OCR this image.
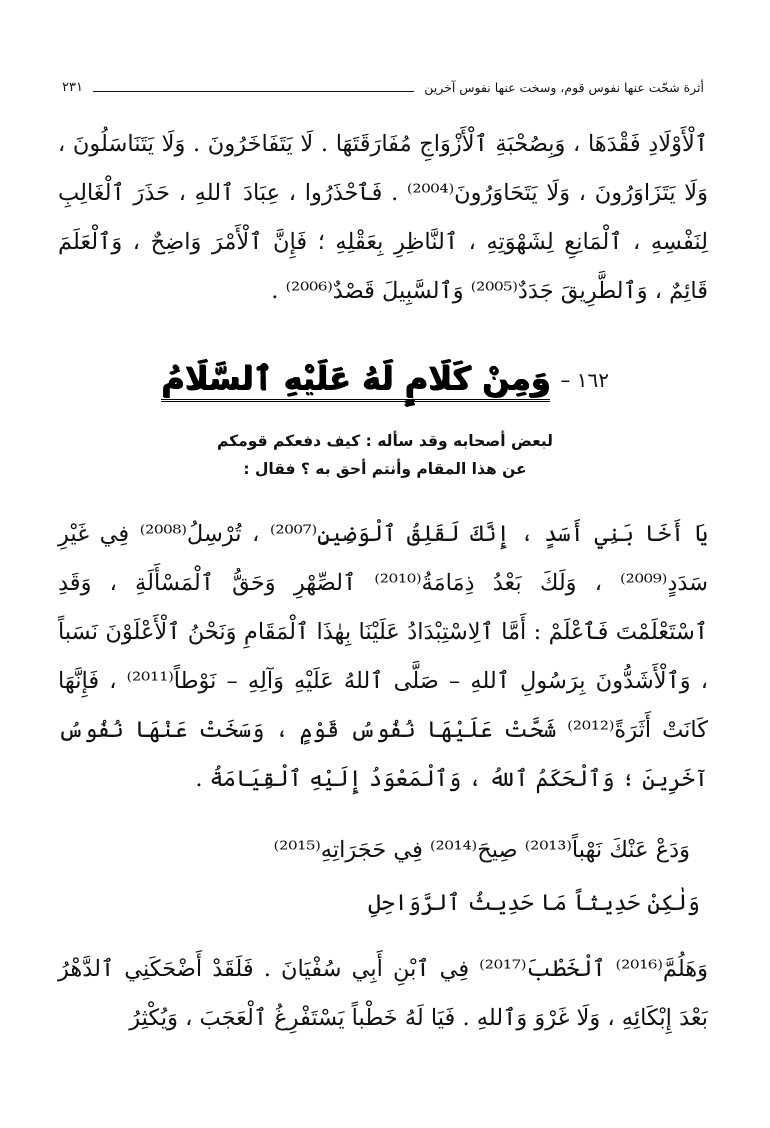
أثرة شحّت عنها نفوس قوم، وسخت عنها نفوس آخرين
٢٣١
ٱلْأَوْلَادِ فَقْدَهَا ، وَبِصُحْبَةِ ٱلْأَزْوَاجِ مُفَارَقَتَهَا . لَا يَتَفَاخَرُونَ . وَلَا يَتَنَاسَلُونَ ، وَلَا يَتَزَاوَرُونَ ، وَلَا يَتَحَاوَرُونَ⁽²⁰⁰⁴⁾ . فَٱحْذَرُوا ، عِبَادَ ٱللهِ ، حَذَرَ ٱلْغَالِبِ لِنَفْسِهِ ، ٱلْمَانِعِ لِشَهْوَتِهِ ، ٱلنَّاظِرِ بِعَقْلِهِ ؛ فَإِنَّ ٱلْأَمْرَ وَاضِحٌ ، وَٱلْعَلَمَ قَائِمٌ ، وَٱلطَّرِيقَ جَدَدٌ⁽²⁰⁰⁵⁾ وَٱلسَّبِيلَ قَصْدٌ⁽²⁰⁰⁶⁾ .
١٦٢ –
وَمِنْ كَلَامٍ لَهُ عَلَيْهِ ٱلسَّلَامُ
لبعض أصحابه وقد سأله : كيف دفعكم قومكم
عن هذا المقام وأنتم أحق به ؟ فقال :
يَا أَخَا بَنِي أَسَدٍ ، إِنَّكَ لَقَلِقُ ٱلْوَضِينِ⁽²⁰⁰⁷⁾ ، تُرْسِلُ⁽²⁰⁰⁸⁾ فِي غَيْرِ سَدَدٍ⁽²⁰⁰⁹⁾ ، وَلَكَ بَعْدُ ذِمَامَةُ⁽²⁰¹⁰⁾ ٱلصِّهْرِ وَحَقُّ ٱلْمَسْأَلَةِ ، وَقَدِ ٱسْتَعْلَمْتَ فَٱعْلَمْ : أَمَّا ٱلِاسْتِبْدَادُ عَلَيْنَا بِهٰذَا ٱلْمَقَامِ وَنَحْنُ ٱلْأَعْلَوْنَ نَسَباً ، وَٱلْأَشَدُّونَ بِرَسُولِ ٱللهِ – صَلَّى ٱللهُ عَلَيْهِ وَآلِهِ – نَوْطاً⁽²⁰¹¹⁾ ، فَإِنَّهَا كَانَتْ أَثَرَةً⁽²⁰¹²⁾ شَحَّتْ عَلَيْهَا نُفُوسُ قَوْمٍ ، وَسَخَتْ عَنْهَا نُفُوسُ آخَرِينَ ؛ وَٱلْحَكَمُ ٱللهُ ، وَٱلْمَعْوَدُ إِلَيْهِ ٱلْقِيَامَةُ .
وَدَعْ عَنْكَ نَهْباً⁽²⁰¹³⁾ صِيحَ⁽²⁰¹⁴⁾ فِي حَجَرَاتِهِ⁽²⁰¹⁵⁾
وَلٰكِنْ حَدِيثاً مَا حَدِيثُ ٱلرَّوَاحِلِ
وَهَلُمَّ⁽²⁰¹⁶⁾ ٱلْخَطْبَ⁽²⁰¹⁷⁾ فِي ٱبْنِ أَبِي سُفْيَانَ . فَلَقَدْ أَضْحَكَنِي ٱلدَّهْرُ بَعْدَ إِبْكَائِهِ ، وَلَا غَرْوَ وَٱللهِ . فَيَا لَهُ خَطْباً يَسْتَفْرِغُ ٱلْعَجَبَ ، وَيُكْثِرُ
